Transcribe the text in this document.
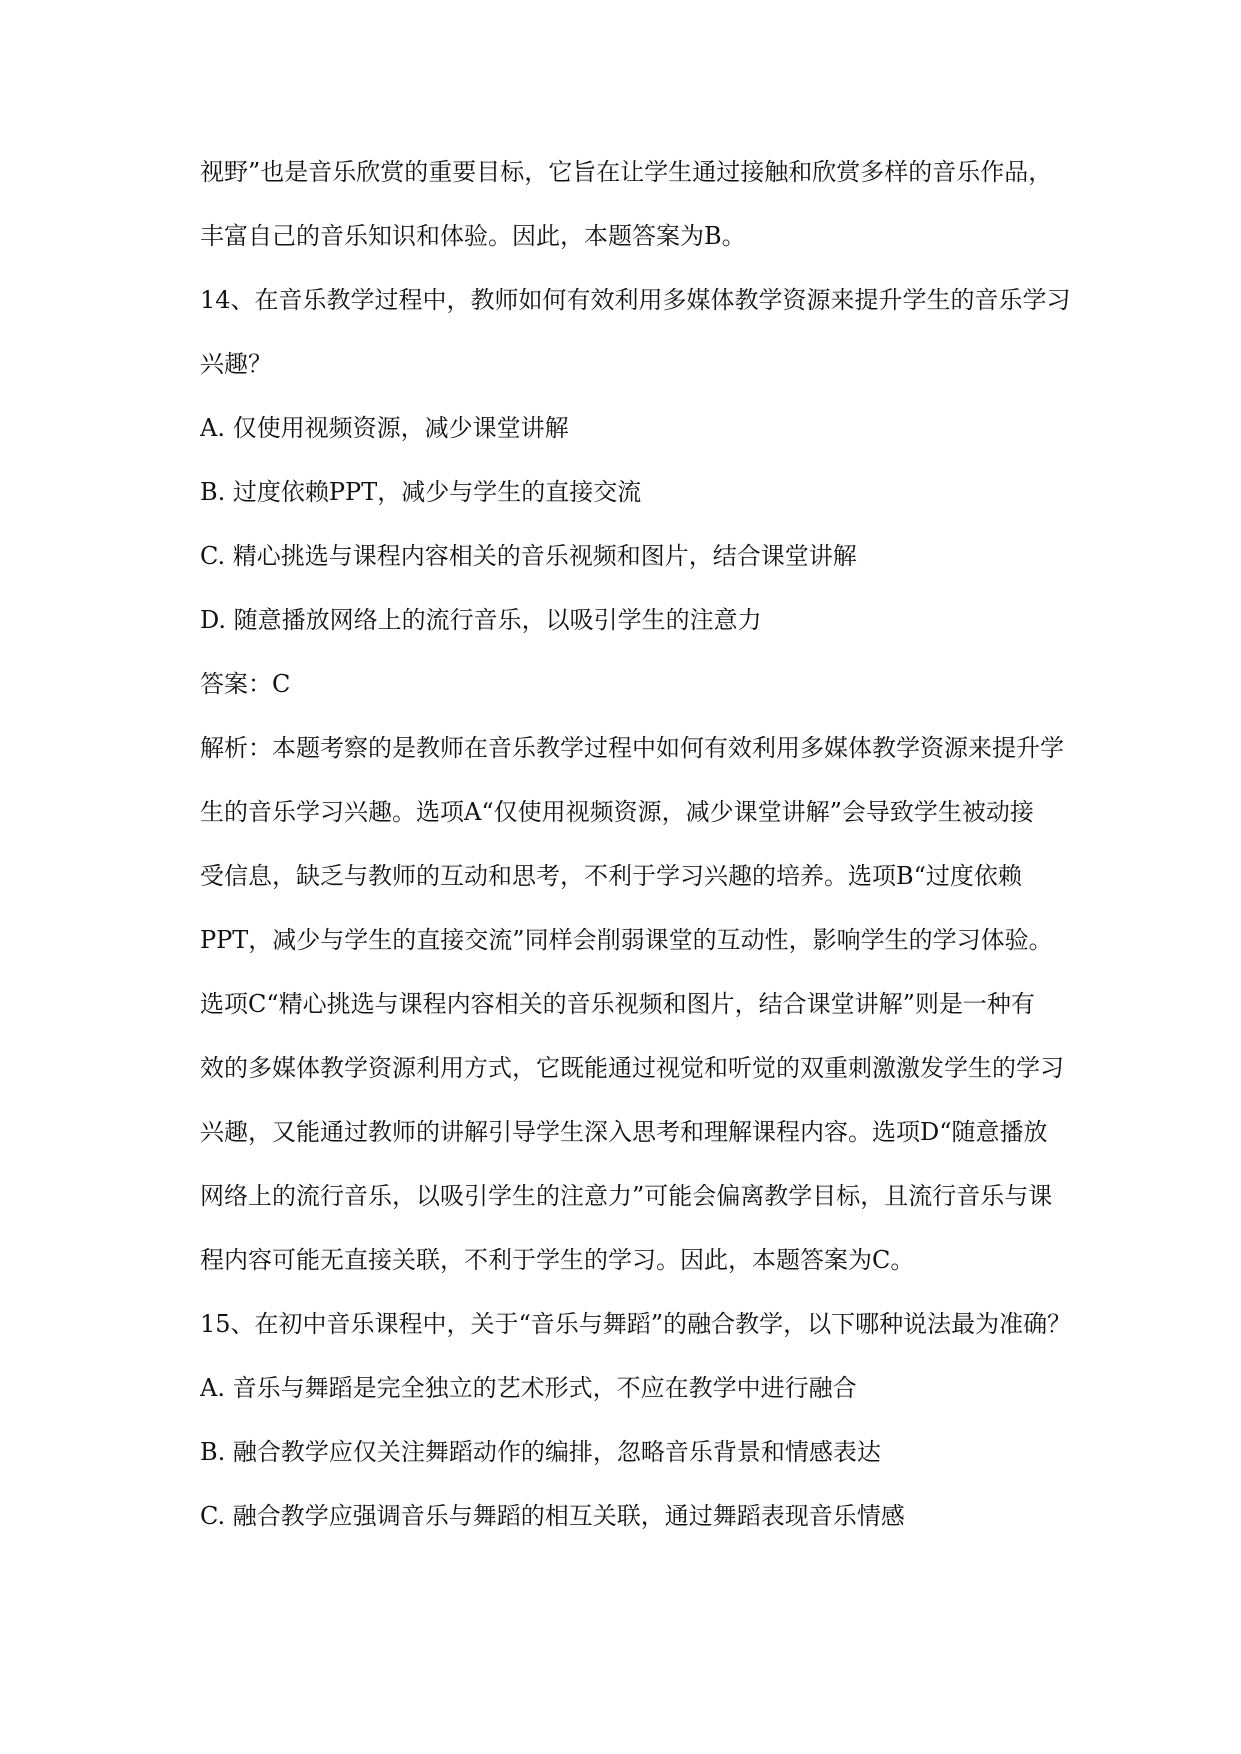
视野”也是音乐欣赏的重要目标，它旨在让学生通过接触和欣赏多样的音乐作品，
丰富自己的音乐知识和体验。因此，本题答案为B。
14、在音乐教学过程中，教师如何有效利用多媒体教学资源来提升学生的音乐学习
兴趣？
A. 仅使用视频资源，减少课堂讲解
B. 过度依赖PPT，减少与学生的直接交流
C. 精心挑选与课程内容相关的音乐视频和图片，结合课堂讲解
D. 随意播放网络上的流行音乐，以吸引学生的注意力
答案：C
解析：本题考察的是教师在音乐教学过程中如何有效利用多媒体教学资源来提升学
生的音乐学习兴趣。选项A“仅使用视频资源，减少课堂讲解”会导致学生被动接
受信息，缺乏与教师的互动和思考，不利于学习兴趣的培养。选项B“过度依赖
PPT，减少与学生的直接交流”同样会削弱课堂的互动性，影响学生的学习体验。
选项C“精心挑选与课程内容相关的音乐视频和图片，结合课堂讲解”则是一种有
效的多媒体教学资源利用方式，它既能通过视觉和听觉的双重刺激激发学生的学习
兴趣，又能通过教师的讲解引导学生深入思考和理解课程内容。选项D“随意播放
网络上的流行音乐，以吸引学生的注意力”可能会偏离教学目标，且流行音乐与课
程内容可能无直接关联，不利于学生的学习。因此，本题答案为C。
15、在初中音乐课程中，关于“音乐与舞蹈”的融合教学，以下哪种说法最为准确？
A. 音乐与舞蹈是完全独立的艺术形式，不应在教学中进行融合
B. 融合教学应仅关注舞蹈动作的编排，忽略音乐背景和情感表达
C. 融合教学应强调音乐与舞蹈的相互关联，通过舞蹈表现音乐情感
